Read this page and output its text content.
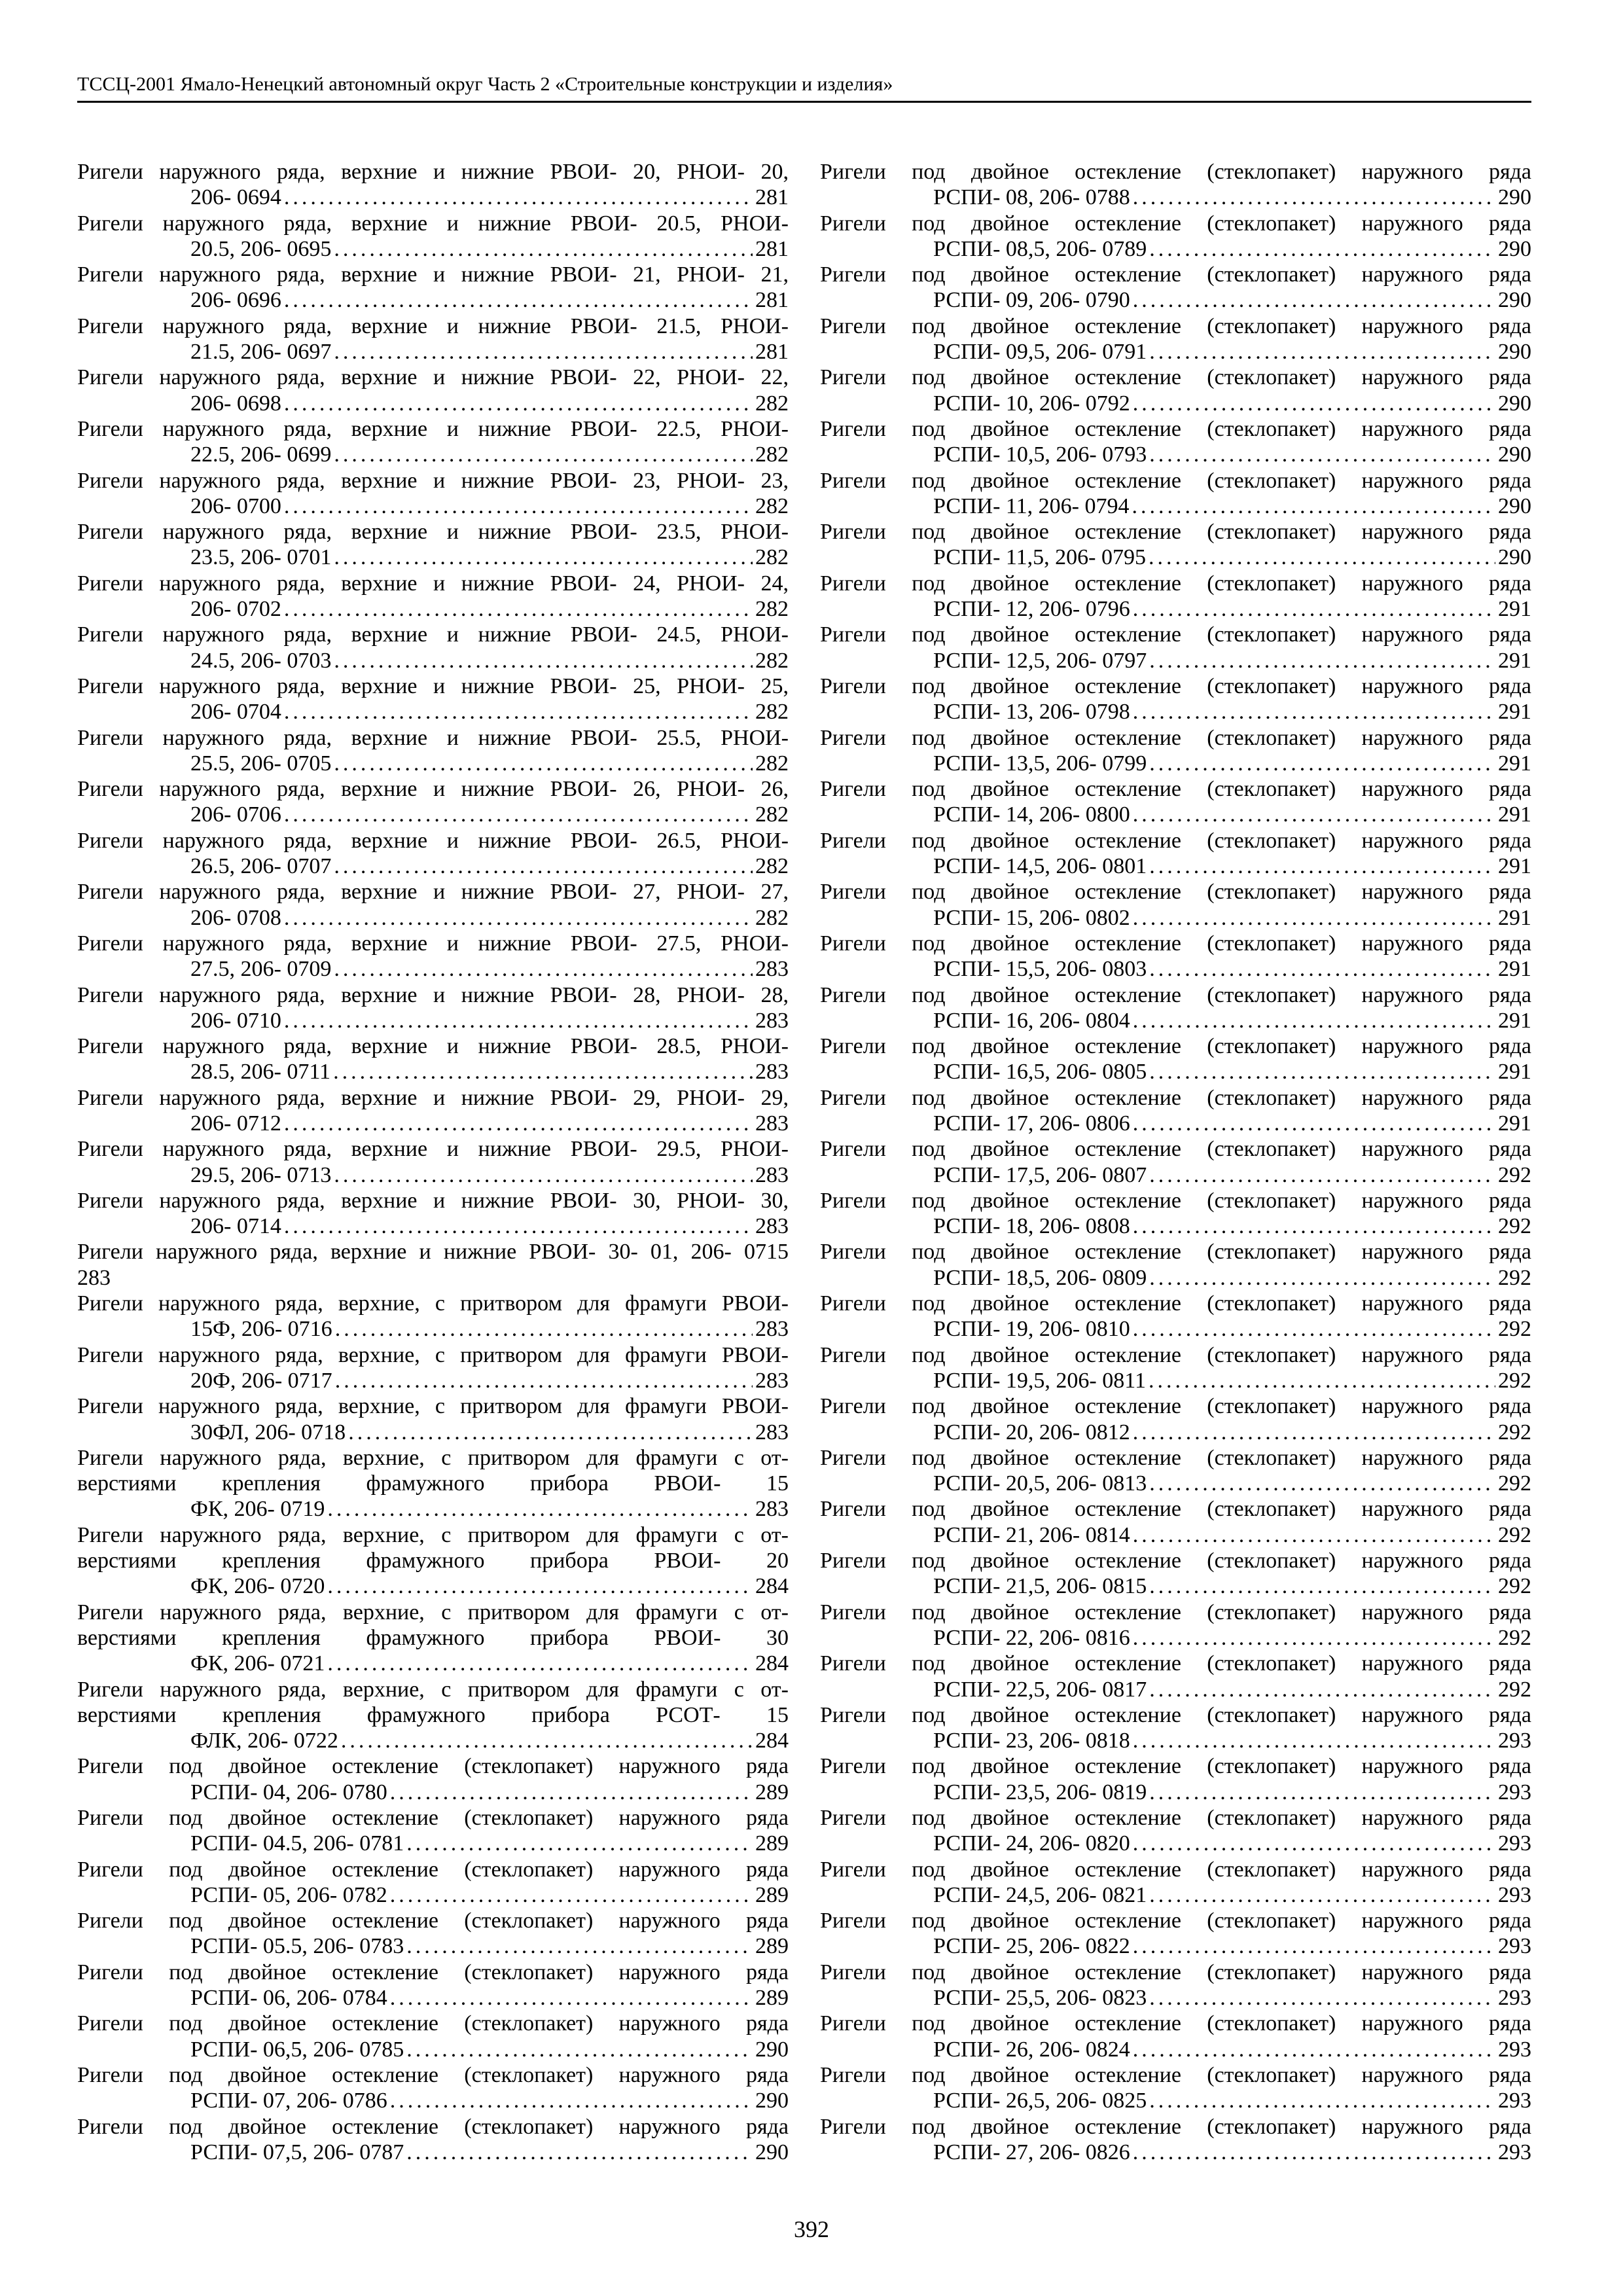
ТССЦ-2001 Ямало-Ненецкий автономный округ Часть 2 «Строительные конструкции и изделия»
Ригели наружного ряда, верхние и нижние РВОИ- 20, РНОИ- 20,
206- 0694 .....	281
Ригели наружного ряда, верхние и нижние РВОИ- 20.5, РНОИ-
20.5, 206- 0695 .....	281
Ригели наружного ряда, верхние и нижние РВОИ- 21, РНОИ- 21,
206- 0696 .....	281
Ригели наружного ряда, верхние и нижние РВОИ- 21.5, РНОИ-
21.5, 206- 0697 .....	281
Ригели наружного ряда, верхние и нижние РВОИ- 22, РНОИ- 22,
206- 0698 .....	282
Ригели наружного ряда, верхние и нижние РВОИ- 22.5, РНОИ-
22.5, 206- 0699 .....	282
Ригели наружного ряда, верхние и нижние РВОИ- 23, РНОИ- 23,
206- 0700 .....	282
Ригели наружного ряда, верхние и нижние РВОИ- 23.5, РНОИ-
23.5, 206- 0701 .....	282
Ригели наружного ряда, верхние и нижние РВОИ- 24, РНОИ- 24,
206- 0702 .....	282
Ригели наружного ряда, верхние и нижние РВОИ- 24.5, РНОИ-
24.5, 206- 0703 .....	282
Ригели наружного ряда, верхние и нижние РВОИ- 25, РНОИ- 25,
206- 0704 .....	282
Ригели наружного ряда, верхние и нижние РВОИ- 25.5, РНОИ-
25.5, 206- 0705 .....	282
Ригели наружного ряда, верхние и нижние РВОИ- 26, РНОИ- 26,
206- 0706 .....	282
Ригели наружного ряда, верхние и нижние РВОИ- 26.5, РНОИ-
26.5, 206- 0707 .....	282
Ригели наружного ряда, верхние и нижние РВОИ- 27, РНОИ- 27,
206- 0708 .....	282
Ригели наружного ряда, верхние и нижние РВОИ- 27.5, РНОИ-
27.5, 206- 0709 .....	283
Ригели наружного ряда, верхние и нижние РВОИ- 28, РНОИ- 28,
206- 0710 .....	283
Ригели наружного ряда, верхние и нижние РВОИ- 28.5, РНОИ-
28.5, 206- 0711 .....	283
Ригели наружного ряда, верхние и нижние РВОИ- 29, РНОИ- 29,
206- 0712 .....	283
Ригели наружного ряда, верхние и нижние РВОИ- 29.5, РНОИ-
29.5, 206- 0713 .....	283
Ригели наружного ряда, верхние и нижние РВОИ- 30, РНОИ- 30,
206- 0714 .....	283
Ригели наружного ряда, верхние и нижние РВОИ- 30- 01, 206- 0715
283
Ригели наружного ряда, верхние, с притвором для фрамуги РВОИ-
15Ф, 206- 0716 .....	283
Ригели наружного ряда, верхние, с притвором для фрамуги РВОИ-
20Ф, 206- 0717 .....	283
Ригели наружного ряда, верхние, с притвором для фрамуги РВОИ-
30ФЛ, 206- 0718 .....	283
Ригели наружного ряда, верхние, с притвором для фрамуги с от-
верстиями крепления фрамужного прибора РВОИ- 15
ФК, 206- 0719 .....	283
Ригели наружного ряда, верхние, с притвором для фрамуги с от-
верстиями крепления фрамужного прибора РВОИ- 20
ФК, 206- 0720 .....	284
Ригели наружного ряда, верхние, с притвором для фрамуги с от-
верстиями крепления фрамужного прибора РВОИ- 30
ФК, 206- 0721 .....	284
Ригели наружного ряда, верхние, с притвором для фрамуги с от-
верстиями крепления фрамужного прибора РСОТ- 15
ФЛК, 206- 0722 .....	284
Ригели под двойное остекление (стеклопакет) наружного ряда
РСПИ- 04, 206- 0780 .....	289
Ригели под двойное остекление (стеклопакет) наружного ряда
РСПИ- 04.5, 206- 0781 .....	289
Ригели под двойное остекление (стеклопакет) наружного ряда
РСПИ- 05, 206- 0782 .....	289
Ригели под двойное остекление (стеклопакет) наружного ряда
РСПИ- 05.5, 206- 0783 .....	289
Ригели под двойное остекление (стеклопакет) наружного ряда
РСПИ- 06, 206- 0784 .....	289
Ригели под двойное остекление (стеклопакет) наружного ряда
РСПИ- 06,5, 206- 0785 .....	290
Ригели под двойное остекление (стеклопакет) наружного ряда
РСПИ- 07, 206- 0786 .....	290
Ригели под двойное остекление (стеклопакет) наружного ряда
РСПИ- 07,5, 206- 0787 .....	290
Ригели под двойное остекление (стеклопакет) наружного ряда
РСПИ- 08, 206- 0788 .....	290
Ригели под двойное остекление (стеклопакет) наружного ряда
РСПИ- 08,5, 206- 0789 .....	290
Ригели под двойное остекление (стеклопакет) наружного ряда
РСПИ- 09, 206- 0790 .....	290
Ригели под двойное остекление (стеклопакет) наружного ряда
РСПИ- 09,5, 206- 0791 .....	290
Ригели под двойное остекление (стеклопакет) наружного ряда
РСПИ- 10, 206- 0792 .....	290
Ригели под двойное остекление (стеклопакет) наружного ряда
РСПИ- 10,5, 206- 0793 .....	290
Ригели под двойное остекление (стеклопакет) наружного ряда
РСПИ- 11, 206- 0794 .....	290
Ригели под двойное остекление (стеклопакет) наружного ряда
РСПИ- 11,5, 206- 0795 .....	290
Ригели под двойное остекление (стеклопакет) наружного ряда
РСПИ- 12, 206- 0796 .....	291
Ригели под двойное остекление (стеклопакет) наружного ряда
РСПИ- 12,5, 206- 0797 .....	291
Ригели под двойное остекление (стеклопакет) наружного ряда
РСПИ- 13, 206- 0798 .....	291
Ригели под двойное остекление (стеклопакет) наружного ряда
РСПИ- 13,5, 206- 0799 .....	291
Ригели под двойное остекление (стеклопакет) наружного ряда
РСПИ- 14, 206- 0800 .....	291
Ригели под двойное остекление (стеклопакет) наружного ряда
РСПИ- 14,5, 206- 0801 .....	291
Ригели под двойное остекление (стеклопакет) наружного ряда
РСПИ- 15, 206- 0802 .....	291
Ригели под двойное остекление (стеклопакет) наружного ряда
РСПИ- 15,5, 206- 0803 .....	291
Ригели под двойное остекление (стеклопакет) наружного ряда
РСПИ- 16, 206- 0804 .....	291
Ригели под двойное остекление (стеклопакет) наружного ряда
РСПИ- 16,5, 206- 0805 .....	291
Ригели под двойное остекление (стеклопакет) наружного ряда
РСПИ- 17, 206- 0806 .....	291
Ригели под двойное остекление (стеклопакет) наружного ряда
РСПИ- 17,5, 206- 0807 .....	292
Ригели под двойное остекление (стеклопакет) наружного ряда
РСПИ- 18, 206- 0808 .....	292
Ригели под двойное остекление (стеклопакет) наружного ряда
РСПИ- 18,5, 206- 0809 .....	292
Ригели под двойное остекление (стеклопакет) наружного ряда
РСПИ- 19, 206- 0810 .....	292
Ригели под двойное остекление (стеклопакет) наружного ряда
РСПИ- 19,5, 206- 0811 .....	292
Ригели под двойное остекление (стеклопакет) наружного ряда
РСПИ- 20, 206- 0812 .....	292
Ригели под двойное остекление (стеклопакет) наружного ряда
РСПИ- 20,5, 206- 0813 .....	292
Ригели под двойное остекление (стеклопакет) наружного ряда
РСПИ- 21, 206- 0814 .....	292
Ригели под двойное остекление (стеклопакет) наружного ряда
РСПИ- 21,5, 206- 0815 .....	292
Ригели под двойное остекление (стеклопакет) наружного ряда
РСПИ- 22, 206- 0816 .....	292
Ригели под двойное остекление (стеклопакет) наружного ряда
РСПИ- 22,5, 206- 0817 .....	292
Ригели под двойное остекление (стеклопакет) наружного ряда
РСПИ- 23, 206- 0818 .....	293
Ригели под двойное остекление (стеклопакет) наружного ряда
РСПИ- 23,5, 206- 0819 .....	293
Ригели под двойное остекление (стеклопакет) наружного ряда
РСПИ- 24, 206- 0820 .....	293
Ригели под двойное остекление (стеклопакет) наружного ряда
РСПИ- 24,5, 206- 0821 .....	293
Ригели под двойное остекление (стеклопакет) наружного ряда
РСПИ- 25, 206- 0822 .....	293
Ригели под двойное остекление (стеклопакет) наружного ряда
РСПИ- 25,5, 206- 0823 .....	293
Ригели под двойное остекление (стеклопакет) наружного ряда
РСПИ- 26, 206- 0824 .....	293
Ригели под двойное остекление (стеклопакет) наружного ряда
РСПИ- 26,5, 206- 0825 .....	293
Ригели под двойное остекление (стеклопакет) наружного ряда
РСПИ- 27, 206- 0826 .....	293
392
